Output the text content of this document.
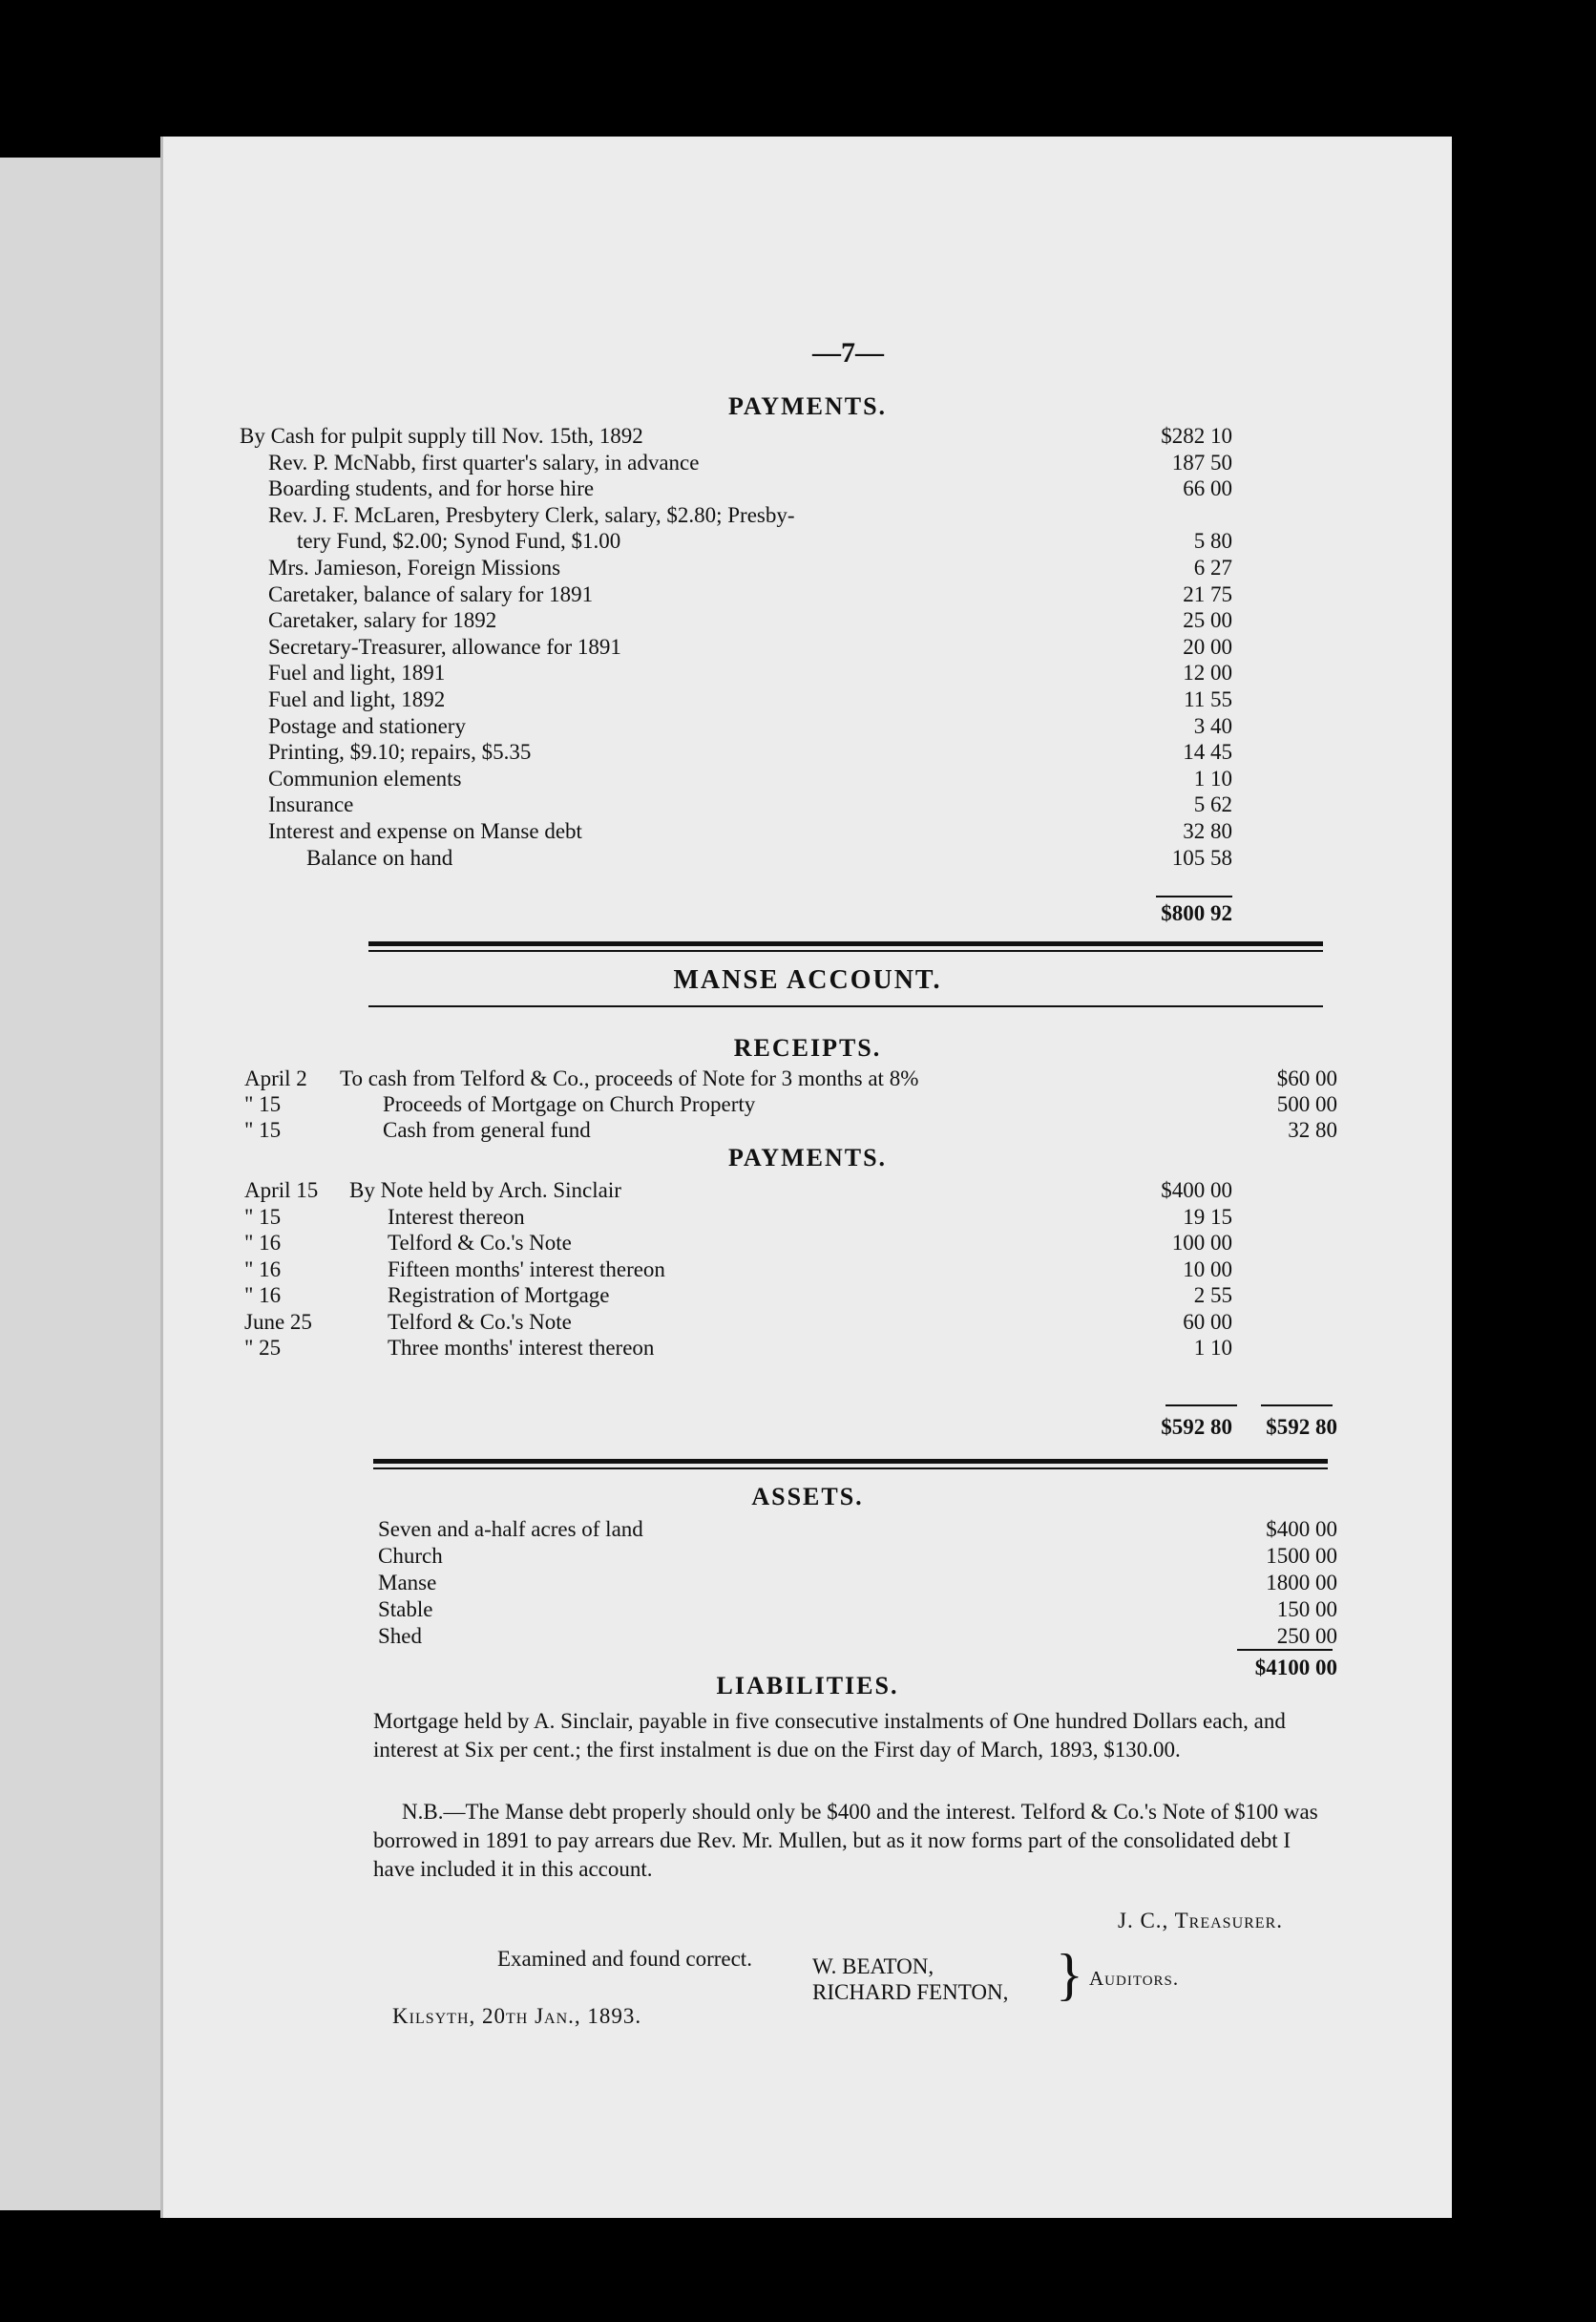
—7—
PAYMENTS.
By Cash for pulpit supply till Nov. 15th, 1892	$282 10
Rev. P. McNabb, first quarter's salary, in advance	187 50
Boarding students, and for horse hire	66 00
Rev. J. F. McLaren, Presbytery Clerk, salary, $2.80; Presby-
tery Fund, $2.00; Synod Fund, $1.00	5 80
Mrs. Jamieson, Foreign Missions	6 27
Caretaker, balance of salary for 1891	21 75
Caretaker, salary for 1892	25 00
Secretary-Treasurer, allowance for 1891	20 00
Fuel and light, 1891	12 00
Fuel and light, 1892	11 55
Postage and stationery	3 40
Printing, $9.10; repairs, $5.35	14 45
Communion elements	1 10
Insurance	5 62
Interest and expense on Manse debt	32 80
Balance on hand	105 58
$800 92
MANSE ACCOUNT.
RECEIPTS.
April 2 To cash from Telford & Co., proceeds of Note for 3 months at 8%	$60 00
" 15	Proceeds of Mortgage on Church Property	500 00
" 15	Cash from general fund	32 80
PAYMENTS.
April 15 By Note held by Arch. Sinclair	$400 00
" 15	Interest thereon	19 15
" 16	Telford & Co.'s Note	100 00
" 16	Fifteen months' interest thereon	10 00
" 16	Registration of Mortgage	2 55
June 25	Telford & Co.'s Note	60 00
" 25	Three months' interest thereon	1 10
$592 80 $592 80
ASSETS.
Seven and a-half acres of land	$400 00
Church	1500 00
Manse	1800 00
Stable	150 00
Shed	250 00
$4100 00
LIABILITIES.
Mortgage held by A. Sinclair, payable in five consecutive instalments of One hundred Dollars each, and interest at Six per cent.; the first instalment is due on the First day of March, 1893, $130.00.
N.B.—The Manse debt properly should only be $400 and the interest. Telford & Co.'s Note of $100 was borrowed in 1891 to pay arrears due Rev. Mr. Mullen, but as it now forms part of the consolidated debt I have included it in this account.
J. C., Treasurer.
Examined and found correct.
Kilsyth, 20th Jan., 1893.
W. BEATON,
RICHARD FENTON, } Auditors.
